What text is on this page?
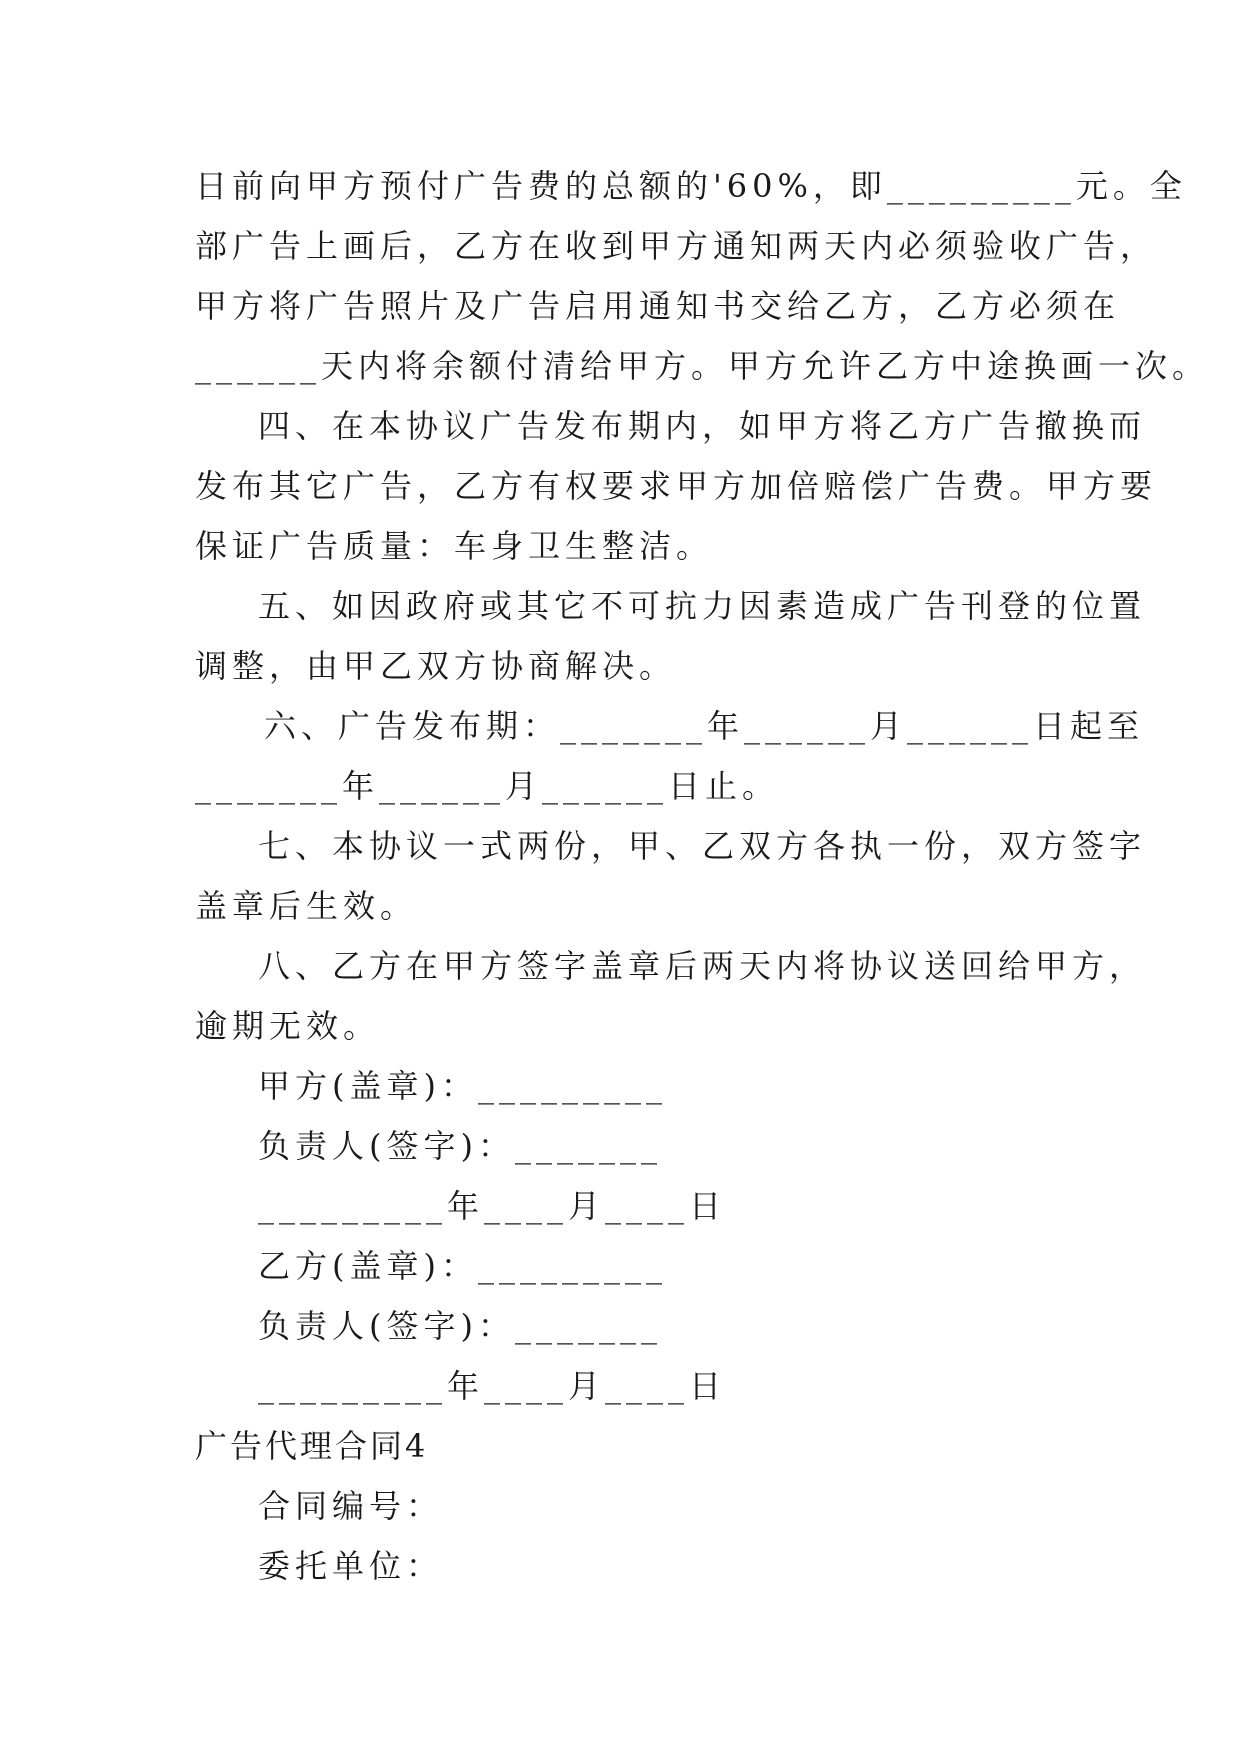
日前向甲方预付广告费的总额的'60%，即_________元。全
部广告上画后，乙方在收到甲方通知两天内必须验收广告，
甲方将广告照片及广告启用通知书交给乙方，乙方必须在
______天内将余额付清给甲方。甲方允许乙方中途换画一次。
四、在本协议广告发布期内，如甲方将乙方广告撤换而
发布其它广告，乙方有权要求甲方加倍赔偿广告费。甲方要
保证广告质量：车身卫生整洁。
五、如因政府或其它不可抗力因素造成广告刊登的位置
调整，由甲乙双方协商解决。
六、广告发布期：_______年______月______日起至
_______年______月______日止。
七、本协议一式两份，甲、乙双方各执一份，双方签字
盖章后生效。
八、乙方在甲方签字盖章后两天内将协议送回给甲方，
逾期无效。
甲方(盖章)：_________
负责人(签字)：_______
_________年____月____日
乙方(盖章)：_________
负责人(签字)：_______
_________年____月____日
广告代理合同4
合同编号：
委托单位：
